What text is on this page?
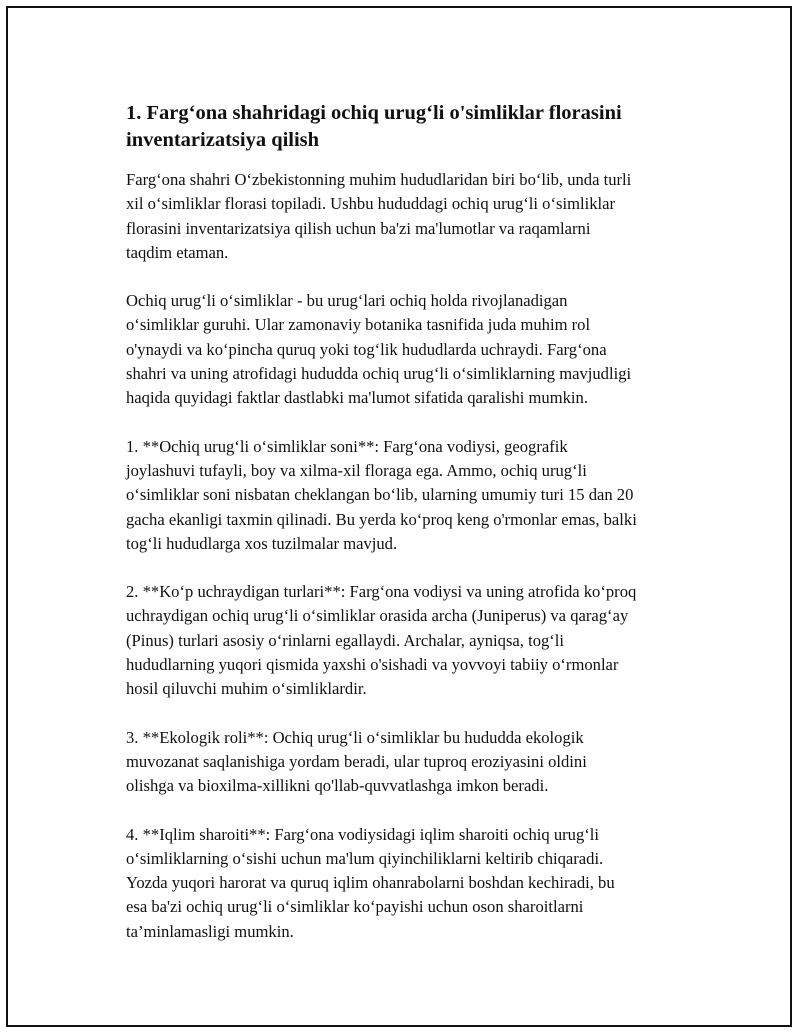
1. Farg‘ona shahridagi ochiq urug‘li o'simliklar florasini
inventarizatsiya qilish

Farg‘ona shahri O‘zbekistonning muhim hududlaridan biri bo‘lib, unda turli
xil o‘simliklar florasi topiladi. Ushbu hududdagi ochiq urug‘li o‘simliklar
florasini inventarizatsiya qilish uchun ba'zi ma'lumotlar va raqamlarni
taqdim etaman.

Ochiq urug‘li o‘simliklar - bu urug‘lari ochiq holda rivojlanadigan
o‘simliklar guruhi. Ular zamonaviy botanika tasnifida juda muhim rol
o'ynaydi va ko‘pincha quruq yoki tog‘lik hududlarda uchraydi. Farg‘ona
shahri va uning atrofidagi hududda ochiq urug‘li o‘simliklarning mavjudligi
haqida quyidagi faktlar dastlabki ma'lumot sifatida qaralishi mumkin.

1. **Ochiq urug‘li o‘simliklar soni**: Farg‘ona vodiysi, geografik
joylashuvi tufayli, boy va xilma-xil floraga ega. Ammo, ochiq urug‘li
o‘simliklar soni nisbatan cheklangan bo‘lib, ularning umumiy turi 15 dan 20
gacha ekanligi taxmin qilinadi. Bu yerda ko‘proq keng o'rmonlar emas, balki
tog‘li hududlarga xos tuzilmalar mavjud.

2. **Ko‘p uchraydigan turlari**: Farg‘ona vodiysi va uning atrofida ko‘proq
uchraydigan ochiq urug‘li o‘simliklar orasida archa (Juniperus) va qarag‘ay
(Pinus) turlari asosiy o‘rinlarni egallaydi. Archalar, ayniqsa, tog‘li
hududlarning yuqori qismida yaxshi o'sishadi va yovvoyi tabiiy o‘rmonlar
hosil qiluvchi muhim o‘simliklardir.

3. **Ekologik roli**: Ochiq urug‘li o‘simliklar bu hududda ekologik
muvozanat saqlanishiga yordam beradi, ular tuproq eroziyasini oldini
olishga va bioxilma-xillikni qo'llab-quvvatlashga imkon beradi.

4. **Iqlim sharoiti**: Farg‘ona vodiysidagi iqlim sharoiti ochiq urug‘li
o‘simliklarning o‘sishi uchun ma'lum qiyinchiliklarni keltirib chiqaradi.
Yozda yuqori harorat va quruq iqlim ohanrabolarni boshdan kechiradi, bu
esa ba'zi ochiq urug‘li o‘simliklar ko‘payishi uchun oson sharoitlarni
ta’minlamasligi mumkin.
